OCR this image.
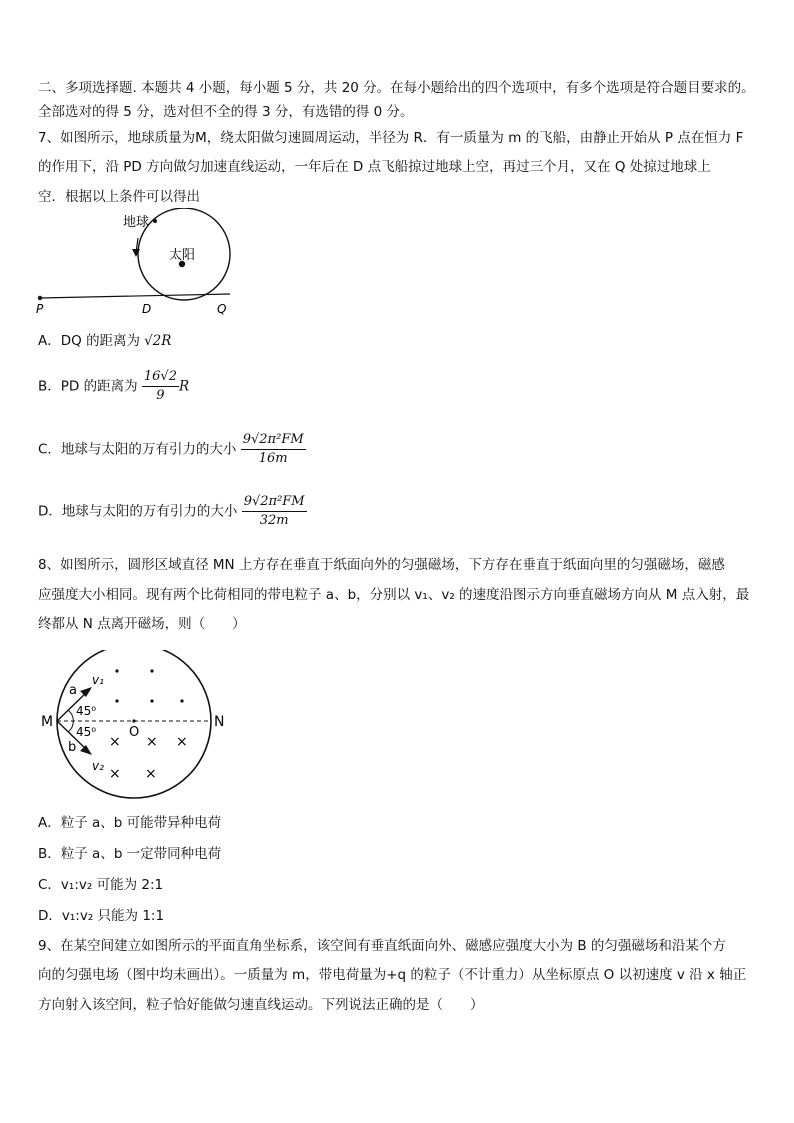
二、多项选择题. 本题共 4 小题，每小题 5 分，共 20 分。在每小题给出的四个选项中，有多个选项是符合题目要求的。
全部选对的得 5 分，选对但不全的得 3 分，有选错的得 0 分。
7、如图所示，地球质量为M，绕太阳做匀速圆周运动，半径为 R．有一质量为 m 的飞船，由静止开始从 P 点在恒力 F
的作用下，沿 PD 方向做匀加速直线运动，一年后在 D 点飞船掠过地球上空，再过三个月，又在 Q 处掠过地球上
空．根据以上条件可以得出
地球
太阳
P	D	Q
A．DQ 的距离为 √2R
B．PD 的距离为 $\frac{16√2}{9}$ R
C．地球与太阳的万有引力的大小 $\frac{\text{9√2π²FM}}{16m}$
D．地球与太阳的万有引力的大小 $\frac{\text{9√2π²FM}}{32m}$
8、如图所示，圆形区域直径 MN 上方存在垂直于纸面向外的匀强磁场，下方存在垂直于纸面向里的匀强磁场，磁感
应强度大小相同。现有两个比荷相同的带电粒子 a、b，分别以 v₁、v₂ 的速度沿图示方向垂直磁场方向从 M 点入射，最
终都从 N 点离开磁场，则（　　）
M	N
O
a
b
v₁
v₂
45⁰
45⁰
× × ×
× ×
A．粒子 a、b 可能带异种电荷
B．粒子 a、b 一定带同种电荷
C．v₁:v₂ 可能为 2:1
D．v₁:v₂ 只能为 1:1
9、在某空间建立如图所示的平面直角坐标系，该空间有垂直纸面向外、磁感应强度大小为 B 的匀强磁场和沿某个方
向的匀强电场（图中均未画出）。一质量为 m，带电荷量为+q 的粒子（不计重力）从坐标原点 O 以初速度 v 沿 x 轴正
方向射入该空间，粒子恰好能做匀速直线运动。下列说法正确的是（　　）
